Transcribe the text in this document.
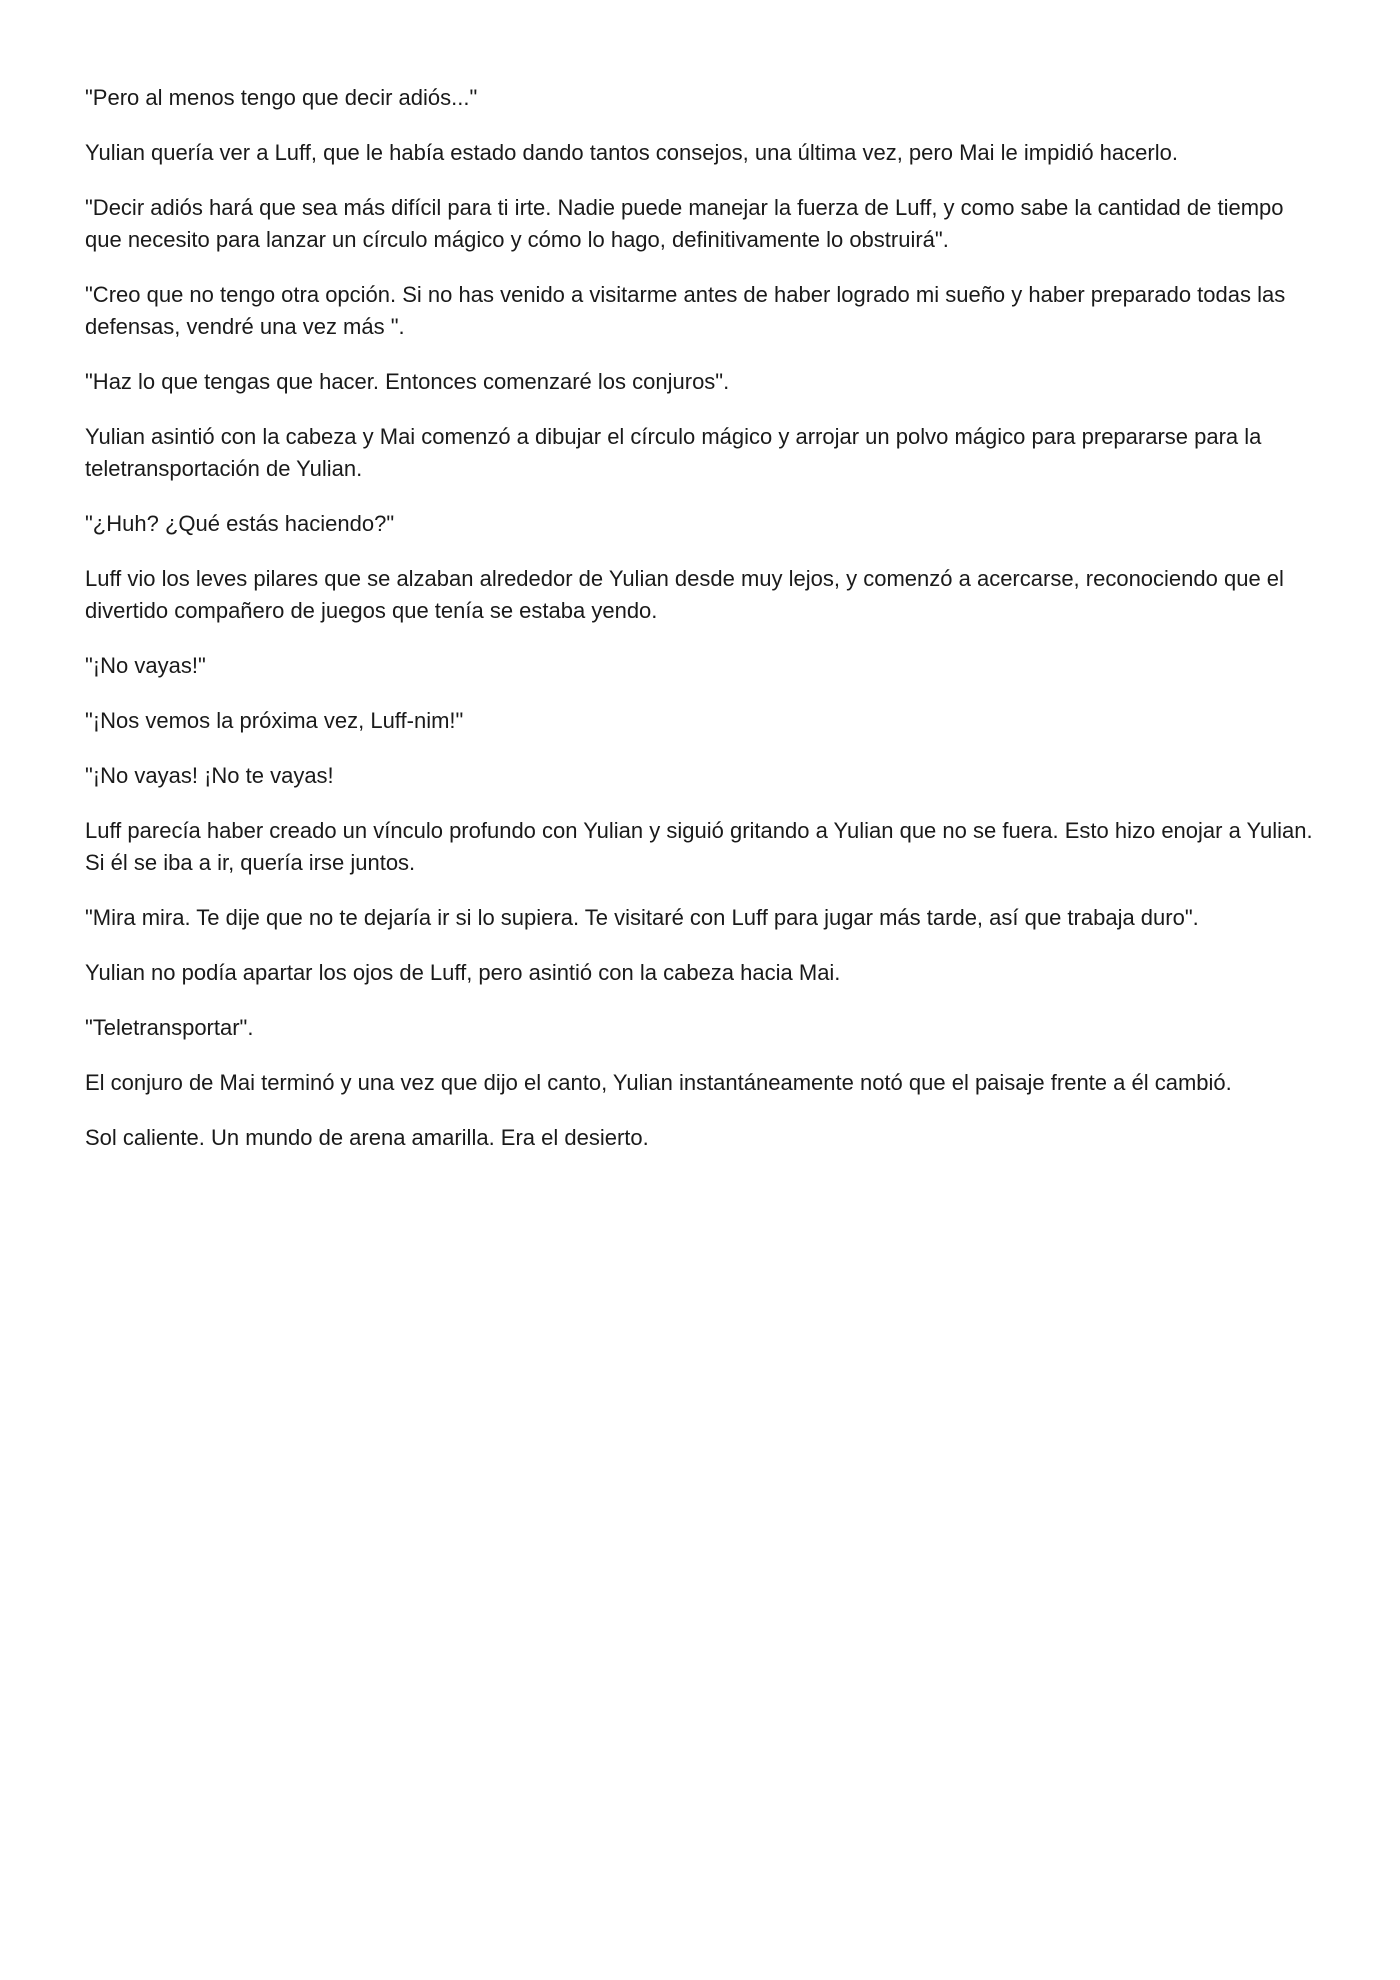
"Pero al menos tengo que decir adiós..."

Yulian quería ver a Luff, que le había estado dando tantos consejos, una última vez, pero Mai le impidió hacerlo.

"Decir adiós hará que sea más difícil para ti irte. Nadie puede manejar la fuerza de Luff, y como sabe la cantidad de tiempo que necesito para lanzar un círculo mágico y cómo lo hago, definitivamente lo obstruirá".

"Creo que no tengo otra opción. Si no has venido a visitarme antes de haber logrado mi sueño y haber preparado todas las defensas, vendré una vez más ".

"Haz lo que tengas que hacer. Entonces comenzaré los conjuros".

Yulian asintió con la cabeza y Mai comenzó a dibujar el círculo mágico y arrojar un polvo mágico para prepararse para la teletransportación de Yulian.

"¿Huh? ¿Qué estás haciendo?"

Luff vio los leves pilares que se alzaban alrededor de Yulian desde muy lejos, y comenzó a acercarse, reconociendo que el divertido compañero de juegos que tenía se estaba yendo.

"¡No vayas!"

"¡Nos vemos la próxima vez, Luff-nim!"

"¡No vayas! ¡No te vayas!

Luff parecía haber creado un vínculo profundo con Yulian y siguió gritando a Yulian que no se fuera. Esto hizo enojar a Yulian. Si él se iba a ir, quería irse juntos.

"Mira mira. Te dije que no te dejaría ir si lo supiera. Te visitaré con Luff para jugar más tarde, así que trabaja duro".

Yulian no podía apartar los ojos de Luff, pero asintió con la cabeza hacia Mai.

"Teletransportar".

El conjuro de Mai terminó y una vez que dijo el canto, Yulian instantáneamente notó que el paisaje frente a él cambió.

Sol caliente. Un mundo de arena amarilla. Era el desierto.
